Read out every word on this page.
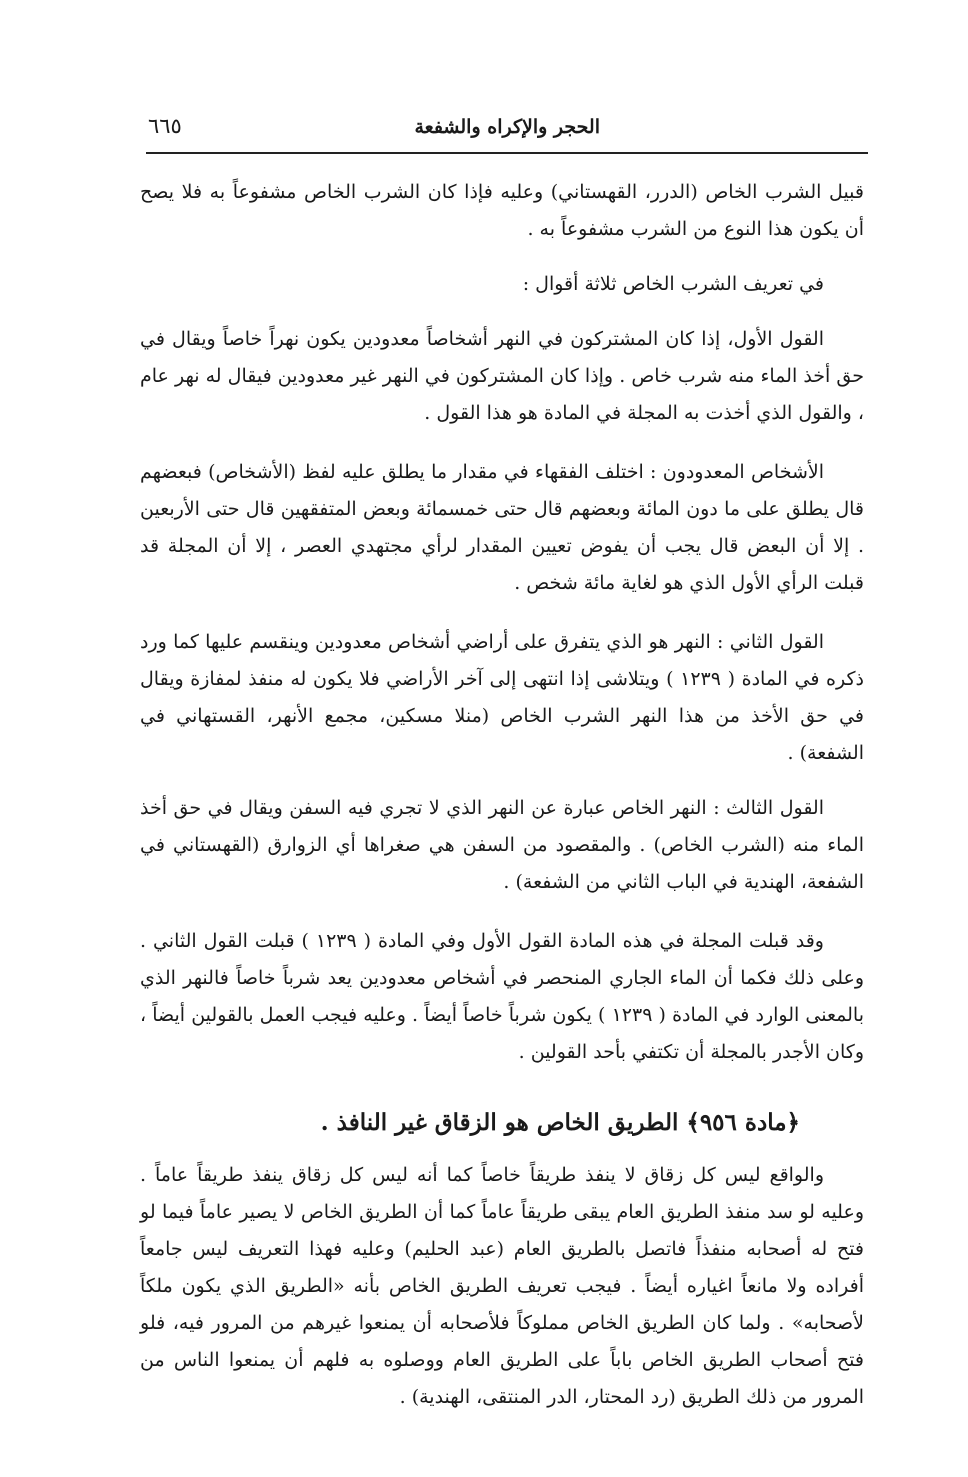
الحجر والإكراه والشفعة
٦٦٥

قبيل الشرب الخاص (الدرر، القهستاني) وعليه فإذا كان الشرب الخاص مشفوعاً به فلا يصح أن يكون هذا النوع من الشرب مشفوعاً به .

في تعريف الشرب الخاص ثلاثة أقوال :

القول الأول، إذا كان المشتركون في النهر أشخاصاً معدودين يكون نهراً خاصاً ويقال في حق أخذ الماء منه شرب خاص . وإذا كان المشتركون في النهر غير معدودين فيقال له نهر عام ، والقول الذي أخذت به المجلة في المادة هو هذا القول .

الأشخاص المعدودون : اختلف الفقهاء في مقدار ما يطلق عليه لفظ (الأشخاص) فبعضهم قال يطلق على ما دون المائة وبعضهم قال حتى خمسمائة وبعض المتفقهين قال حتى الأربعين . إلا أن البعض قال يجب أن يفوض تعيين المقدار لرأي مجتهدي العصر ، إلا أن المجلة قد قبلت الرأي الأول الذي هو لغاية مائة شخص .

القول الثاني : النهر هو الذي يتفرق على أراضي أشخاص معدودين وينقسم عليها كما ورد ذكره في المادة ( ١٢٣٩ ) ويتلاشى إذا انتهى إلى آخر الأراضي فلا يكون له منفذ لمفازة ويقال في حق الأخذ من هذا النهر الشرب الخاص (منلا مسكين، مجمع الأنهر، القستهاني في الشفعة) .

القول الثالث : النهر الخاص عبارة عن النهر الذي لا تجري فيه السفن ويقال في حق أخذ الماء منه (الشرب الخاص) . والمقصود من السفن هي صغراها أي الزوارق (القهستاني في الشفعة، الهندية في الباب الثاني من الشفعة) .

وقد قبلت المجلة في هذه المادة القول الأول وفي المادة ( ١٢٣٩ ) قبلت القول الثاني . وعلى ذلك فكما أن الماء الجاري المنحصر في أشخاص معدودين يعد شرباً خاصاً فالنهر الذي بالمعنى الوارد في المادة ( ١٢٣٩ ) يكون شرباً خاصاً أيضاً . وعليه فيجب العمل بالقولين أيضاً ، وكان الأجدر بالمجلة أن تكتفي بأحد القولين .

﴿مادة ٩٥٦﴾ الطريق الخاص هو الزقاق غير النافذ .

والواقع ليس كل زقاق لا ينفذ طريقاً خاصاً كما أنه ليس كل زقاق ينفذ طريقاً عاماً . وعليه لو سد منفذ الطريق العام يبقى طريقاً عاماً كما أن الطريق الخاص لا يصير عاماً فيما لو فتح له أصحابه منفذاً فاتصل بالطريق العام (عبد الحليم) وعليه فهذا التعريف ليس جامعاً أفراده ولا مانعاً اغياره أيضاً . فيجب تعريف الطريق الخاص بأنه «الطريق الذي يكون ملكاً لأصحابه» . ولما كان الطريق الخاص مملوكاً فلأصحابه أن يمنعوا غيرهم من المرور فيه، فلو فتح أصحاب الطريق الخاص باباً على الطريق العام ووصلوه به فلهم أن يمنعوا الناس من المرور من ذلك الطريق (رد المحتار، الدر المنتقى، الهندية) .
